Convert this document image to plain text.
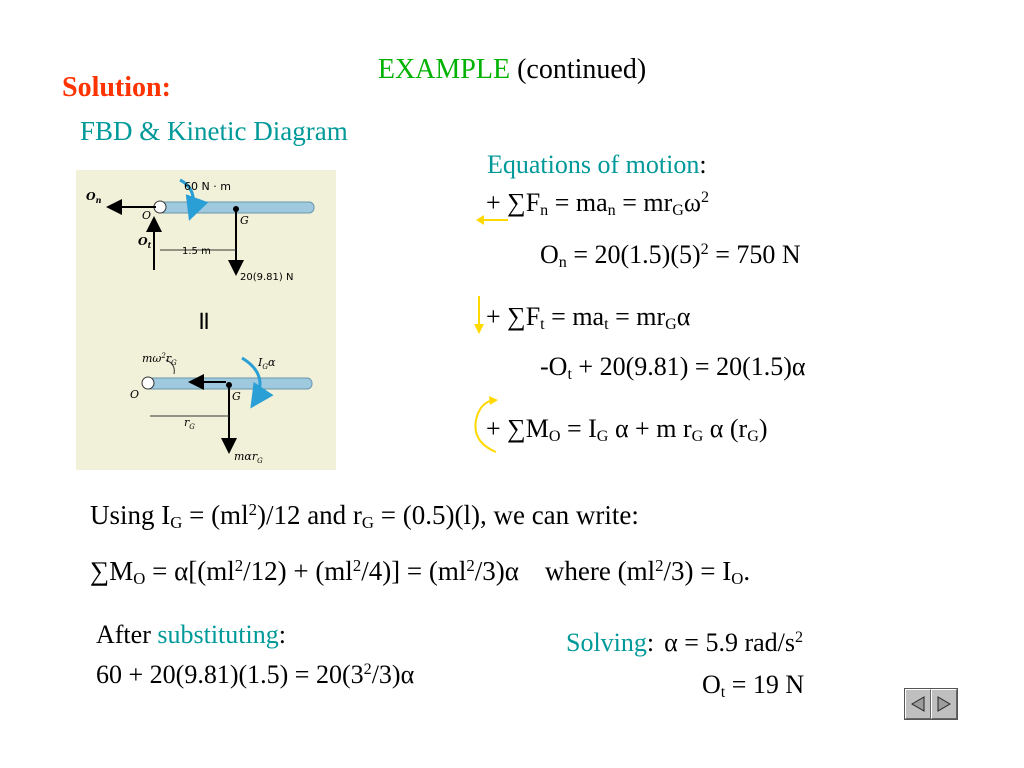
EXAMPLE (continued)
Solution:
FBD & Kinetic Diagram
60 N · m
$O_n$
$O_t$
O	G
1.5 m
20(9.81) N
=
$m\omega^2r_G$	$I_G\alpha$
O	G
$r_G$
mαr$_G$
Equations of motion:
+ $\sum F_n = ma_n = mr_G\omega^2$
$O_n = 20(1.5)(5)^2 = 750$ N
+ $\sum F_t = ma_t = mr_G\alpha$
$-O_t + 20(9.81) = 20(1.5)\alpha$
+ $\sum M_O = I_G$ α + m $r_G$ α $(r_G)$
Using $I_G = (ml^2)/12$ and $r_G = (0.5)(l)$, we can write:
$\sum M_O = \alpha[(ml^2/12) + (ml^2/4)] = (ml^2/3)\alpha$ where $(ml^2/3) = I_O$.
After substituting:
$60 + 20(9.81)(1.5) = 20(3^2/3)\alpha$
Solving: α = 5.9 rad/$s^2$
$O_t = 19$ N
